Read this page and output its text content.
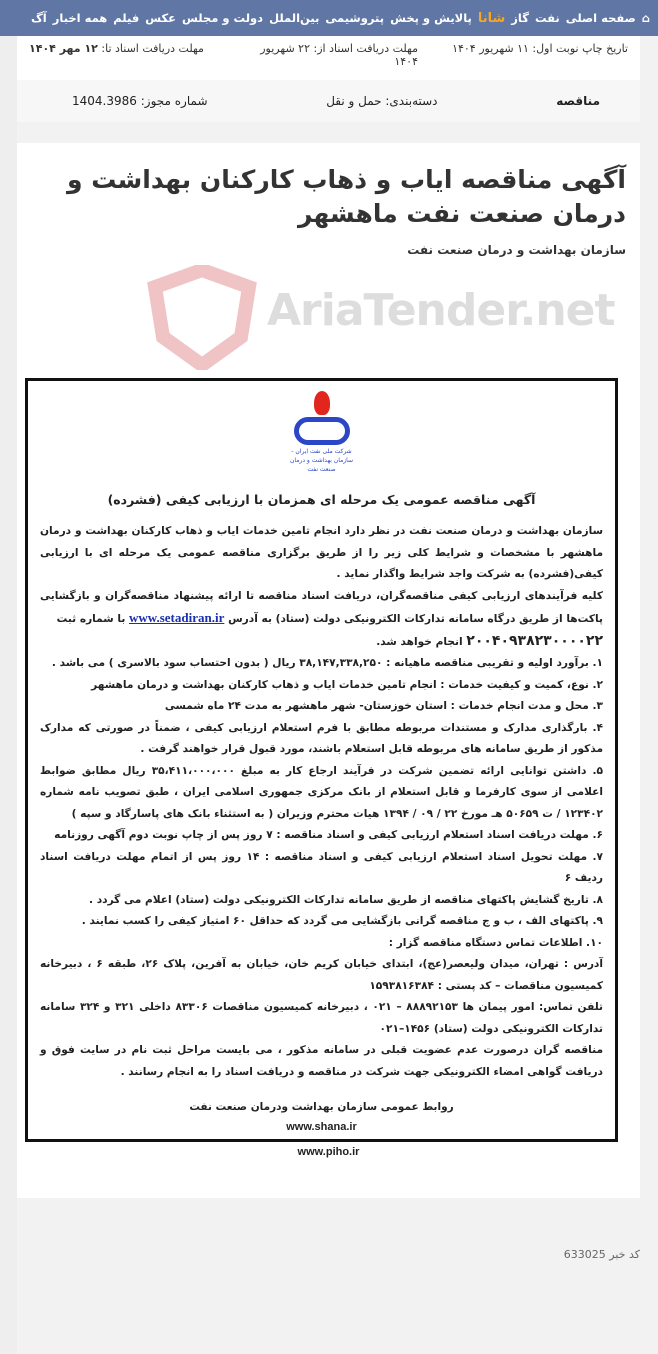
⌂
صفحه اصلی
نفت
گاز
شانا
پالایش و پخش
پتروشیمی
بین‌الملل
دولت و مجلس
عکس
فیلم
همه اخبار
آگ
تاریخ چاپ نوبت اول: ۱۱ شهریور ۱۴۰۴
مهلت دریافت اسناد از: ۲۲ شهریور ۱۴۰۴
مهلت دریافت اسناد تا: ۱۲ مهر ۱۴۰۴
مناقصه
دسته‌بندی: حمل و نقل
شماره مجوز: 1404.3986
آگهی مناقصه ایاب و ذهاب کارکنان بهداشت و درمان صنعت نفت ماهشهر
سازمان بهداشت و درمان صنعت نفت
AriaTender.net
شرکت ملی نفت ایران - سازمان بهداشت و درمان صنعت نفت
آگهی مناقصه عمومی یک مرحله ای همزمان با ارزیابی کیفی (فشرده)

سازمان بهداشت و درمان صنعت نفت در نظر دارد انجام تامین خدمات ایاب و ذهاب کارکنان بهداشت و درمان ماهشهر با مشخصات و شرایط کلی زیر را از طریق برگزاری مناقصه عمومی یک مرحله ای با ارزیابی کیفی(فشرده) به شرکت واجد شرایط واگذار نماید .

کلیه فرآیندهای ارزیابی کیفی مناقصه‌گران، دریافت اسناد مناقصه تا ارائه پیشنهاد مناقصه‌گران و بازگشایی پاکت‌ها از طریق درگاه سامانه تدارکات الکترونیکی دولت (ستاد) به آدرس www.setadiran.ir با شماره ثبت
۲۰۰۴۰۹۳۸۲۳۰۰۰۰۲۲ انجام خواهد شد.

۱. برآورد اولیه و تقریبی مناقصه ماهیانه : ۳۸,۱۴۷,۳۳۸,۲۵۰ ریال ( بدون احتساب سود بالاسری ) می باشد .

۲. نوع، کمیت و کیفیت خدمات : انجام تامین خدمات ایاب و ذهاب کارکنان بهداشت و درمان ماهشهر

۳. محل و مدت انجام خدمات : استان خوزستان- شهر ماهشهر به مدت ۲۴ ماه شمسی

۴. بارگذاری مدارک و مستندات مربوطه مطابق با فرم استعلام ارزیابی کیفی ، ضمناً در صورتی که مدارک مذکور از طریق سامانه های مربوطه قابل استعلام باشند، مورد قبول قرار خواهند گرفت .

۵. داشتن توانایی ارائه تضمین شرکت در فرآیند ارجاع کار به مبلغ ۳۵،۴۱۱،۰۰۰،۰۰۰ ریال مطابق ضوابط اعلامی از سوی کارفرما و قابل استعلام از بانک مرکزی جمهوری اسلامی ایران ، طبق تصویب نامه شماره ۱۲۳۴۰۲ / ت ۵۰۶۵۹ هـ مورخ ۲۲ / ۰۹ / ۱۳۹۴ هیات محترم وزیران ( به استثناء بانک های پاسارگاد و سپه )

۶. مهلت دریافت اسناد استعلام ارزیابی کیفی و اسناد مناقصه : ۷ روز پس از چاپ نوبت دوم آگهی روزنامه

۷. مهلت تحویل اسناد استعلام ارزیابی کیفی و اسناد مناقصه : ۱۴ روز پس از اتمام مهلت دریافت اسناد ردیف ۶

۸. تاریخ گشایش پاکتهای مناقصه از طریق سامانه تدارکات الکترونیکی دولت (ستاد) اعلام می گردد .

۹. پاکتهای الف ، ب و ج مناقصه گرانی بازگشایی می گردد که حداقل ۶۰ امتیاز کیفی را کسب نمایند .

۱۰. اطلاعات تماس دستگاه مناقصه گزار :

آدرس : تهران، میدان ولیعصر(عج)، ابتدای خیابان کریم خان، خیابان به آفرین، پلاک ۲۶، طبقه ۶ ، دبیرخانه کمیسیون مناقصات – کد پستی : ۱۵۹۳۸۱۶۳۸۴

تلفن تماس: امور پیمان ها ۸۸۸۹۲۱۵۳ – ۰۲۱ ، دبیرخانه کمیسیون مناقصات ۸۳۳۰۶ داخلی ۳۲۱ و ۳۲۴ سامانه تدارکات الکترونیکی دولت (ستاد) ۱۴۵۶–۰۲۱

مناقصه گران درصورت عدم عضویت قبلی در سامانه مذکور ، می بایست مراحل ثبت نام در سایت فوق و دریافت گواهی امضاء الکترونیکی جهت شرکت در مناقصه و دریافت اسناد را به انجام رسانند .

روابط عمومی سازمان بهداشت ودرمان صنعت نفت
www.shana.ir
www.piho.ir
کد خبر 633025
